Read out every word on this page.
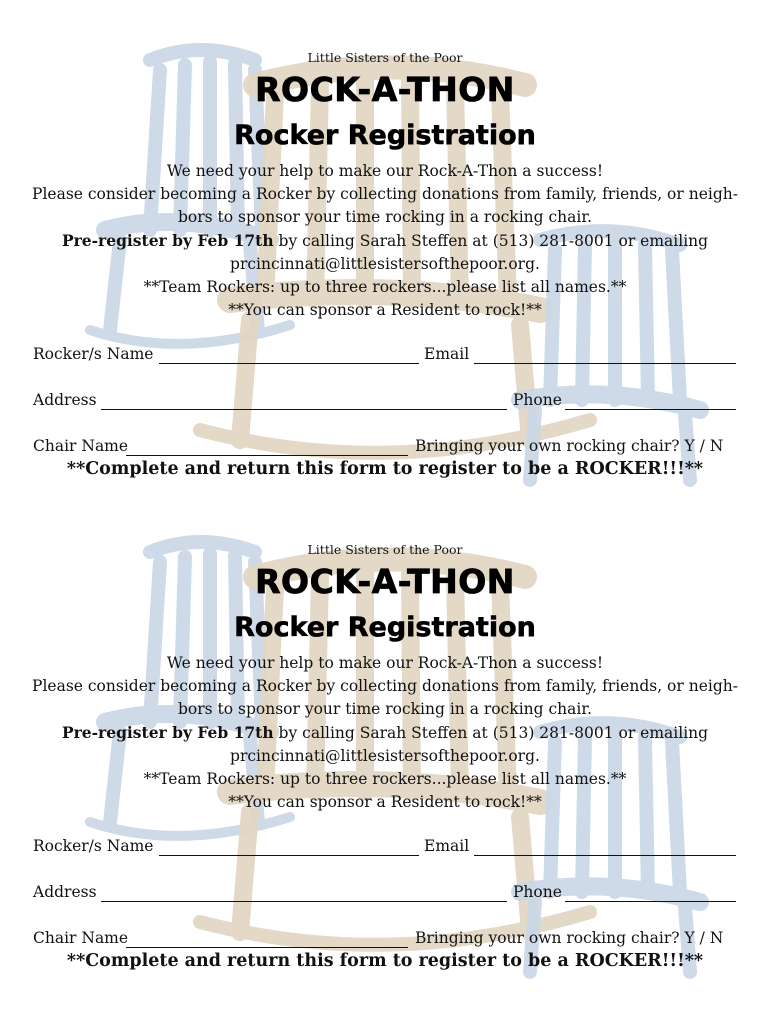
Little Sisters of the Poor
ROCK-A-THON
Rocker Registration
We need your help to make our Rock-A-Thon a success!
Please consider becoming a Rocker by collecting donations from family, friends, or neigh-
bors to sponsor your time rocking in a rocking chair.
Pre-register by Feb 17th by calling Sarah Steffen at (513) 281-8001 or emailing
prcincinnati@littlesistersofthepoor.org.
**Team Rockers: up to three rockers...please list all names.**
**You can sponsor a Resident to rock!**
Rocker/s Name	Email
Address	Phone
Chair Name	Bringing your own rocking chair? Y / N
**Complete and return this form to register to be a ROCKER!!!**
Little Sisters of the Poor
ROCK-A-THON
Rocker Registration
We need your help to make our Rock-A-Thon a success!
Please consider becoming a Rocker by collecting donations from family, friends, or neigh-
bors to sponsor your time rocking in a rocking chair.
Pre-register by Feb 17th by calling Sarah Steffen at (513) 281-8001 or emailing
prcincinnati@littlesistersofthepoor.org.
**Team Rockers: up to three rockers...please list all names.**
**You can sponsor a Resident to rock!**
Rocker/s Name	Email
Address	Phone
Chair Name	Bringing your own rocking chair? Y / N
**Complete and return this form to register to be a ROCKER!!!**
